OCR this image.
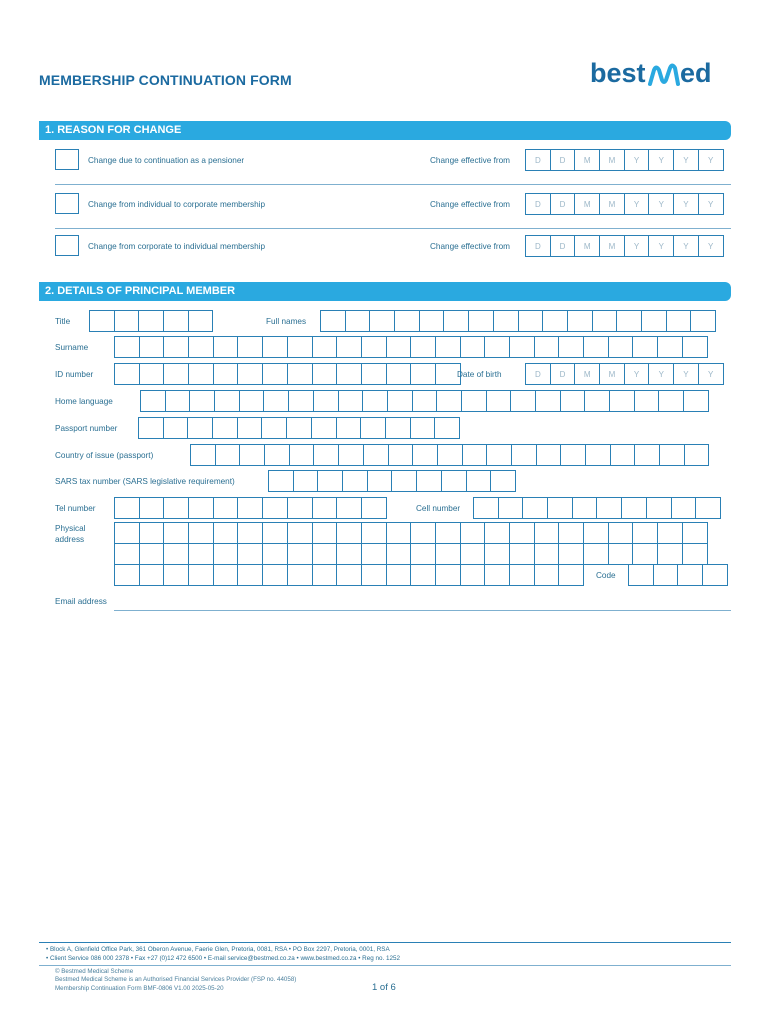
MEMBERSHIP CONTINUATION FORM	best ed
1. REASON FOR CHANGE
Change due to continuation as a pensioner	Change effective from	D	D	M	M	Y	Y	Y	Y
Change from individual to corporate membership	Change effective from	D	D	M	M	Y	Y	Y	Y
Change from corporate to individual membership	Change effective from	D	D	M	M	Y	Y	Y	Y
2. DETAILS OF PRINCIPAL MEMBER
Title	Full names
Surname
ID number	Date of birth	D	D	M	M	Y	Y	Y	Y
Home language
Passport number
Country of issue (passport)
SARS tax number (SARS legislative requirement)
Tel number	Cell number
Physical
address
Code
Email address
• Block A, Glenfield Office Park, 361 Oberon Avenue, Faerie Glen, Pretoria, 0081, RSA • PO Box 2297, Pretoria, 0001, RSA
• Client Service 086 000 2378 • Fax +27 (0)12 472 6500 • E-mail service@bestmed.co.za • www.bestmed.co.za • Reg no. 1252
© Bestmed Medical Scheme
Bestmed Medical Scheme is an Authorised Financial Services Provider (FSP no. 44058)
Membership Continuation Form BMF-0806 V1.00 2025-05-20	1 of 6
